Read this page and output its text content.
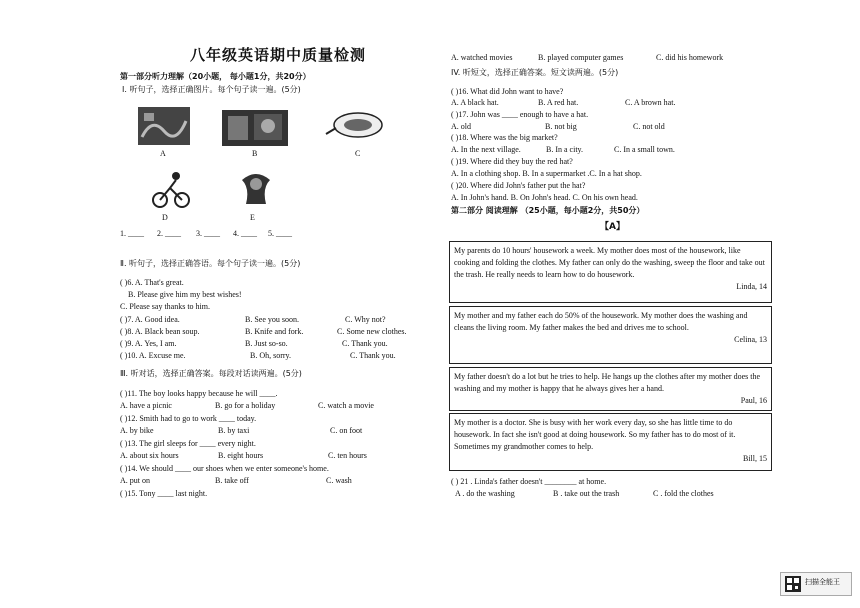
八年级英语期中质量检测
第一部分听力理解（20小题， 每小题1分，共20分）
Ⅰ. 听句子，选择正确图片。每个句子读一遍。(5分)
A	B	C
D	E
1. ____ 2. ____ 3. ____ 4. ____ 5. ____
Ⅱ. 听句子，选择正确答语。每个句子读一遍。(5分)
( )6. A. That's great.
B. Please give him my best wishes!
C. Please say thanks to him.
( )7. A. Good idea.	B. See you soon.	C. Why not?
( )8. A. Black bean soup.	B. Knife and fork.	C. Some new clothes.
( )9. A. Yes, I am.	B. Just so-so.	C. Thank you.
( )10. A. Excuse me.	B. Oh, sorry.	C. Thank you.
Ⅲ. 听对话，选择正确答案。每段对话读两遍。(5分)
( )11. The boy looks happy because he will ____.
A. have a picnic	B. go for a holiday	C. watch a movie
( )12. Smith had to go to work ____ today.
A. by bike	B. by taxi	C. on foot
( )13. The girl sleeps for ____ every night.
A. about six hours	B. eight hours	C. ten hours
( )14. We should ____ our shoes when we enter someone's home.
A. put on	B. take off	C. wash
( )15. Tony ____ last night.
A. watched movies	B. played computer games	C. did his homework
IV. 听短文，选择正确答案。短文读两遍。(5分)
( )16. What did John want to have?
A. A black hat.	B. A red hat.	C. A brown hat.
( )17. John was ____ enough to have a hat.
A. old	B. not big	C. not old
( )18. Where was the big market?
A. In the next village.	B. In a city.	C. In a small town.
( )19. Where did they buy the red hat?
A. In a clothing shop. B. In a supermarket .C. In a hat shop.
( )20. Where did John's father put the hat?
A. In John's hand. B. On John's head. C. On his own head.
第二部分 阅读理解 （25小题，每小题2分，共50分）
【A】
My parents do 10 hours' housework a week. My mother does most of the housework, like cooking and folding the clothes. My father can only do the washing, sweep the floor and take out the trash. He really needs to learn how to do housework.
Linda, 14
My mother and my father each do 50% of the housework. My mother does the washing and cleans the living room. My father makes the bed and drives me to school.
Celina, 13
My father doesn't do a lot but he tries to help. He hangs up the clothes after my mother does the washing and my mother is happy that he always gives her a hand.
Paul, 16
My mother is a doctor. She is busy with her work every day, so she has little time to do housework. In fact she isn't good at doing housework. So my father has to do most of it. Sometimes my grandmother comes to help.
Bill, 15
( ) 21 . Linda's father doesn't ________ at home.
A . do the washing	B . take out the trash	C . fold the clothes
扫描全能王
